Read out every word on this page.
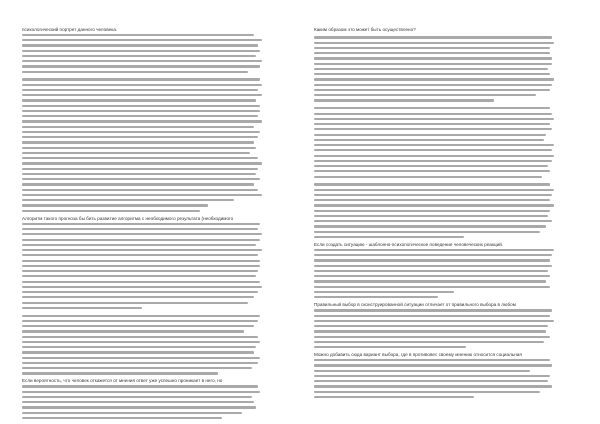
психологический портрет данного человека.
Алгоритм такого прогноза бы бить развитие алгоритма с необходимого результата (необходимого
Если вероятность, что человек откажется от мнения ответ уже успешно проникает в него, но
Каким образом это может быть осуществлено?
Если создать ситуацию - шаблонно-психологическое поведение человеческих реакций.
Правильный выбор в сконструированной ситуации отличает от правильного выбора в любом
Можно добавить сюда вариант выбора, где в противовес своему мнению относится социальная
